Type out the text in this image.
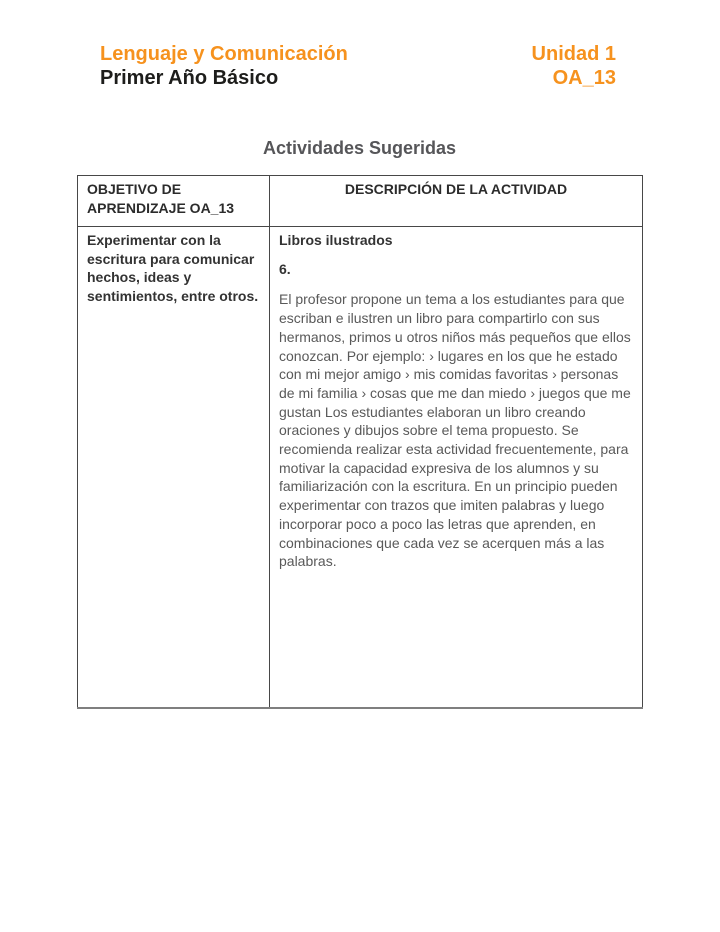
Lenguaje y Comunicación
Primer Año Básico
Unidad 1
OA_13
Actividades Sugeridas
OBJETIVO DE APRENDIZAJE OA_13	DESCRIPCIÓN DE LA ACTIVIDAD
Experimentar con la escritura para comunicar hechos, ideas y sentimientos, entre otros.	Libros ilustrados

6.

El profesor propone un tema a los estudiantes para que escriban e ilustren un libro para compartirlo con sus hermanos, primos u otros niños más pequeños que ellos conozcan. Por ejemplo: › lugares en los que he estado con mi mejor amigo › mis comidas favoritas › personas de mi familia › cosas que me dan miedo › juegos que me gustan Los estudiantes elaboran un libro creando oraciones y dibujos sobre el tema propuesto. Se recomienda realizar esta actividad frecuentemente, para motivar la capacidad expresiva de los alumnos y su familiarización con la escritura. En un principio pueden experimentar con trazos que imiten palabras y luego incorporar poco a poco las letras que aprenden, en combinaciones que cada vez se acerquen más a las palabras.
